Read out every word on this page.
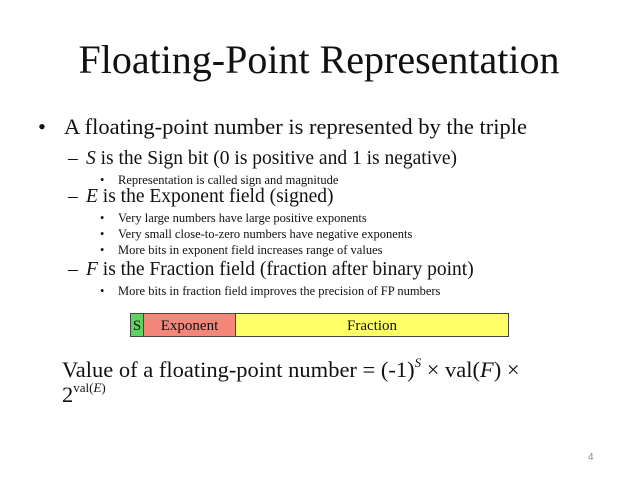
Floating-Point Representation
• A floating-point number is represented by the triple
– S is the Sign bit (0 is positive and 1 is negative)
• Representation is called sign and magnitude
– E is the Exponent field (signed)
• Very large numbers have large positive exponents
• Very small close-to-zero numbers have negative exponents
• More bits in exponent field increases range of values
– F is the Fraction field (fraction after binary point)
• More bits in fraction field improves the precision of FP numbers
S	Exponent	Fraction
Value of a floating-point number = $(-1)^S \times val(F)$ ×
$2^{val(E)}$
4
